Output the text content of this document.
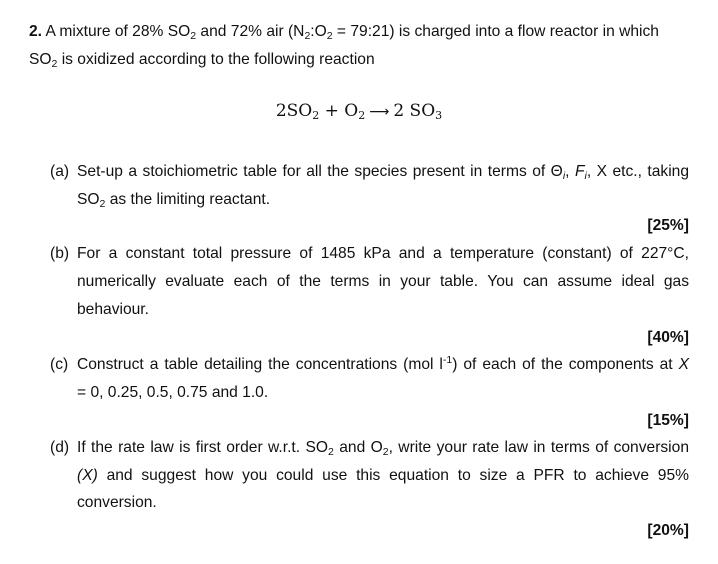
2. A mixture of 28% $SO_2$ and 72% air ($N_2:O_2$ = 79:21) is charged into a flow reactor in which
$SO_2$ is oxidized according to the following reaction
$2SO_2 + O_2$ ⟶ 2 $SO_3$
(a) Set-up a stoichiometric table for all the species present in terms of $\Theta_i$, $F_i$, X etc., taking
$SO_2$ as the limiting reactant.
[25%]
(b) For a constant total pressure of 1485 kPa and a temperature (constant) of 227°C,
numerically evaluate each of the terms in your table. You can assume ideal gas
behaviour.
[40%]
(c) Construct a table detailing the concentrations (mol $l^{-1}$) of each of the components at X
= 0, 0.25, 0.5, 0.75 and 1.0.
[15%]
(d) If the rate law is first order w.r.t. $SO_2$ and $O_2$, write your rate law in terms of conversion
(X) and suggest how you could use this equation to size a PFR to achieve 95%
conversion.
[20%]
